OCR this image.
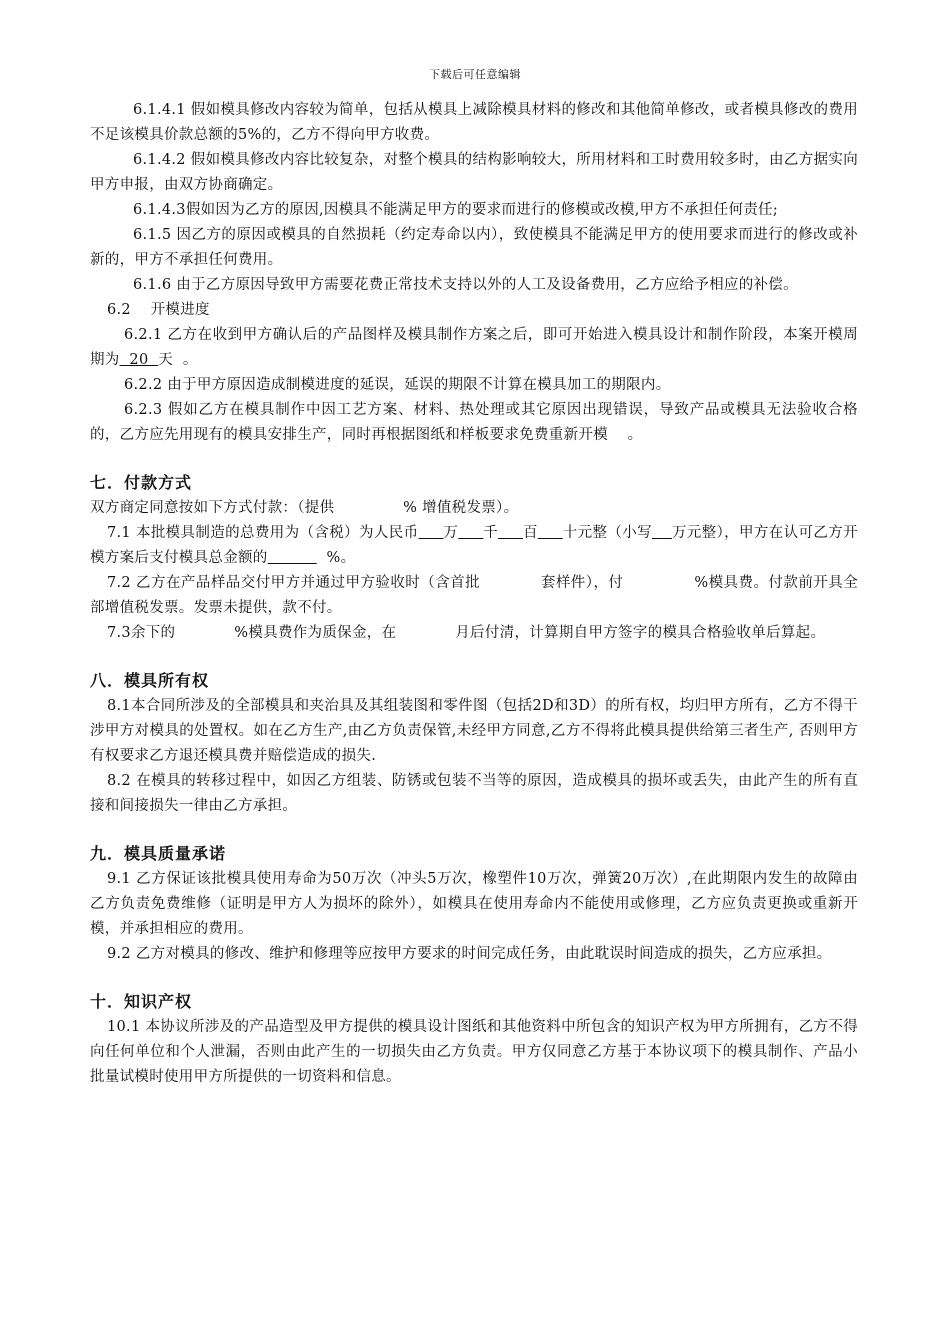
下载后可任意编辑

6.1.4.1 假如模具修改内容较为简单，包括从模具上减除模具材料的修改和其他简单修改，或者模具修改的费用不足该模具价款总额的5%的，乙方不得向甲方收费。

6.1.4.2 假如模具修改内容比较复杂，对整个模具的结构影响较大，所用材料和工时费用较多时，由乙方据实向甲方申报，由双方协商确定。

6.1.4.3假如因为乙方的原因,因模具不能满足甲方的要求而进行的修模或改模,甲方不承担任何责任;

6.1.5 因乙方的原因或模具的自然损耗（约定寿命以内），致使模具不能满足甲方的使用要求而进行的修改或补新的，甲方不承担任何费用。

6.1.6 由于乙方原因导致甲方需要花费正常技术支持以外的人工及设备费用，乙方应给予相应的补偿。

6.2    开模进度

6.2.1 乙方在收到甲方确认后的产品图样及模具制作方案之后，即可开始进入模具设计和制作阶段，本案开模周期为  20  天  。

6.2.2 由于甲方原因造成制模进度的延误，延误的期限不计算在模具加工的期限内。

6.2.3 假如乙方在模具制作中因工艺方案、材料、热处理或其它原因出现错误，导致产品或模具无法验收合格的，乙方应先用现有的模具安排生产，同时再根据图纸和样板要求免费重新开模    。

七．付款方式

双方商定同意按如下方式付款：（提供              % 增值税发票）。

7.1 本批模具制造的总费用为（含税）为人民币 万 千 百 十元整（小写 万元整），甲方在认可乙方开模方案后支付模具总金额的	%。

7.2 乙方在产品样品交付甲方并通过甲方验收时（含首批            套样件），付              %模具费。付款前开具全部增值税发票。发票未提供，款不付。

7.3余下的            %模具费作为质保金，在            月后付清，计算期自甲方签字的模具合格验收单后算起。

八．模具所有权

8.1本合同所涉及的全部模具和夹治具及其组装图和零件图（包括2D和3D）的所有权，均归甲方所有，乙方不得干涉甲方对模具的处置权。如在乙方生产,由乙方负责保管,未经甲方同意,乙方不得将此模具提供给第三者生产, 否则甲方有权要求乙方退还模具费并赔偿造成的损失.

8.2 在模具的转移过程中，如因乙方组装、防锈或包装不当等的原因，造成模具的损坏或丢失，由此产生的所有直接和间接损失一律由乙方承担。

九．模具质量承诺

9.1 乙方保证该批模具使用寿命为50万次（冲头5万次，橡塑件10万次，弹簧20万次）,在此期限内发生的故障由乙方负责免费维修（证明是甲方人为损坏的除外），如模具在使用寿命内不能使用或修理，乙方应负责更换或重新开模，并承担相应的费用。

9.2 乙方对模具的修改、维护和修理等应按甲方要求的时间完成任务，由此耽误时间造成的损失，乙方应承担。

十．知识产权

10.1 本协议所涉及的产品造型及甲方提供的模具设计图纸和其他资料中所包含的知识产权为甲方所拥有，乙方不得向任何单位和个人泄漏，否则由此产生的一切损失由乙方负责。甲方仅同意乙方基于本协议项下的模具制作、产品小批量试模时使用甲方所提供的一切资料和信息。
